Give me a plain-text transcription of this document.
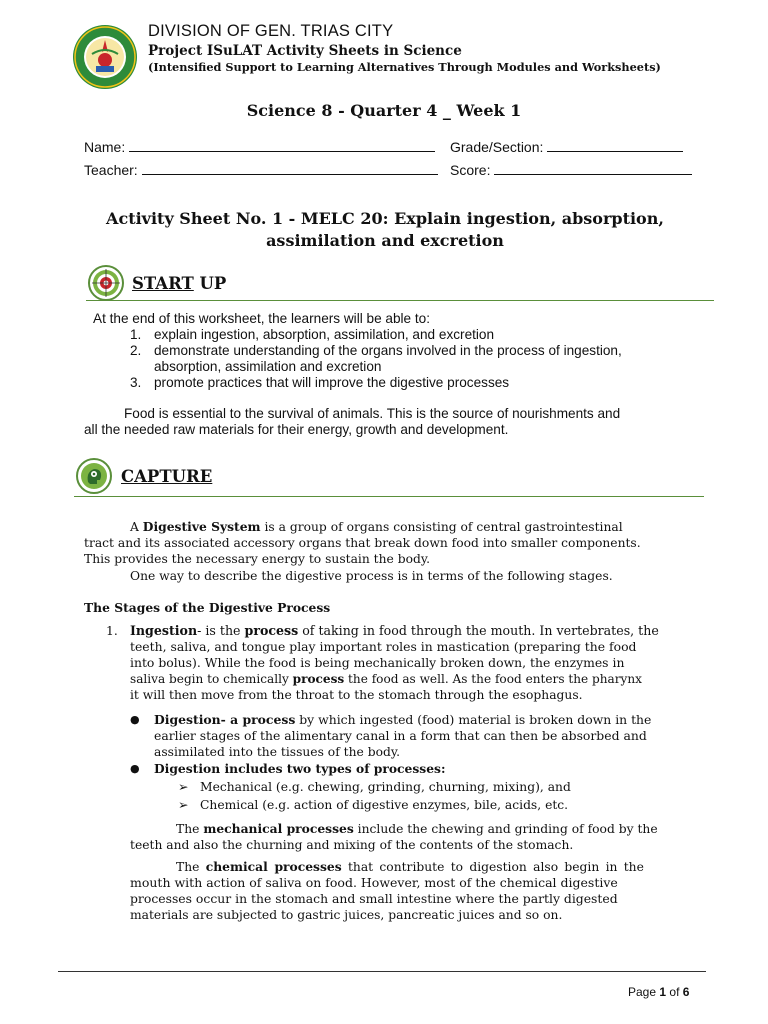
DIVISION OF GEN. TRIAS CITY
Project ISuLAT Activity Sheets in Science
(Intensified Support to Learning Alternatives Through Modules and Worksheets)
Science 8 - Quarter 4 _ Week 1
Name:	Grade/Section:
Teacher:	Score:
Activity Sheet No. 1 - MELC 20: Explain ingestion, absorption,
assimilation and excretion
START UP
At the end of this worksheet, the learners will be able to:
1. explain ingestion, absorption, assimilation, and excretion
2. demonstrate understanding of the organs involved in the process of ingestion,
absorption, assimilation and excretion
3. promote practices that will improve the digestive processes
Food is essential to the survival of animals. This is the source of nourishments and
all the needed raw materials for their energy, growth and development.
CAPTURE
A Digestive System is a group of organs consisting of central gastrointestinal
tract and its associated accessory organs that break down food into smaller components.
This provides the necessary energy to sustain the body.
One way to describe the digestive process is in terms of the following stages.
The Stages of the Digestive Process
1. Ingestion- is the process of taking in food through the mouth. In vertebrates, the
teeth, saliva, and tongue play important roles in mastication (preparing the food
into bolus). While the food is being mechanically broken down, the enzymes in
saliva begin to chemically process the food as well. As the food enters the pharynx
it will then move from the throat to the stomach through the esophagus.
● Digestion- a process by which ingested (food) material is broken down in the
earlier stages of the alimentary canal in a form that can then be absorbed and
assimilated into the tissues of the body.
● Digestion includes two types of processes:
➢ Mechanical (e.g. chewing, grinding, churning, mixing), and
➢ Chemical (e.g. action of digestive enzymes, bile, acids, etc.
The mechanical processes include the chewing and grinding of food by the
teeth and also the churning and mixing of the contents of the stomach.
The chemical processes that contribute to digestion also begin in the
mouth with action of saliva on food. However, most of the chemical digestive
processes occur in the stomach and small intestine where the partly digested
materials are subjected to gastric juices, pancreatic juices and so on.
Page 1 of 6
